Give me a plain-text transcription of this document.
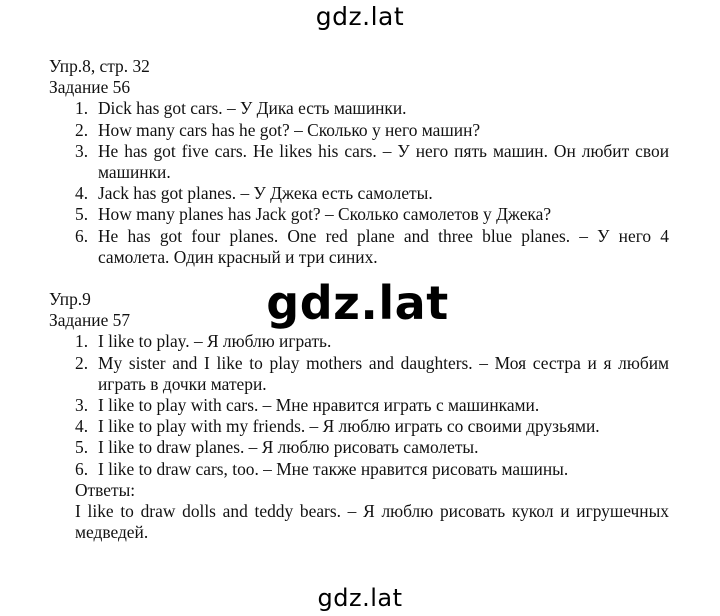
gdz.lat
gdz.lat
gdz.lat
Упр.8, стр. 32
Задание 56
1. Dick has got cars. – У Дика есть машинки.
2. How many cars has he got? – Сколько у него машин?
3. He has got five cars. He likes his cars. – У него пять машин. Он любит свои машинки.
4. Jack has got planes. – У Джека есть самолеты.
5. How many planes has Jack got? – Сколько самолетов у Джека?
6. He has got four planes. One red plane and three blue planes. – У него 4 самолета. Один красный и три синих.
Упр.9
Задание 57
1. I like to play. – Я люблю играть.
2. My sister and I like to play mothers and daughters. – Моя сестра и я любим играть в дочки матери.
3. I like to play with cars. – Мне нравится играть с машинками.
4. I like to play with my friends. – Я люблю играть со своими друзьями.
5. I like to draw planes. – Я люблю рисовать самолеты.
6. I like to draw cars, too. – Мне также нравится рисовать машины.
Ответы:
I like to draw dolls and teddy bears. – Я люблю рисовать кукол и игрушечных медведей.
